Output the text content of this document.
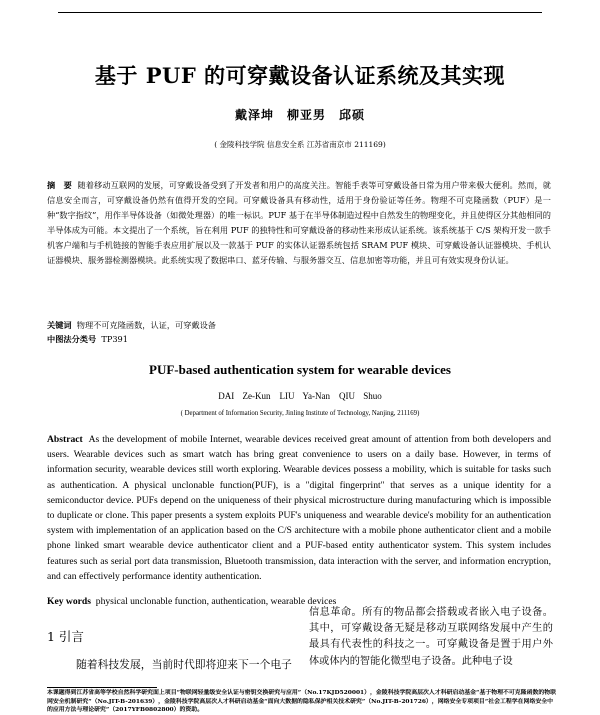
基于 PUF 的可穿戴设备认证系统及其实现
戴泽坤　柳亚男　邱硕
( 金陵科技学院 信息安全系 江苏省南京市 211169)
摘　要 随着移动互联网的发展，可穿戴设备受到了开发者和用户的高度关注。智能手表等可穿戴设备日常为用户带来极大便利。然而，就信息安全而言，可穿戴设备仍然有值得开发的空间。可穿戴设备具有移动性，适用于身份验证等任务。物理不可克隆函数（PUF）是一种“数字指纹”，用作半导体设备（如微处理器）的唯一标识。PUF 基于在半导体制造过程中自然发生的物理变化，并且使得区分其他相同的半导体成为可能。本文提出了一个系统，旨在利用 PUF 的独特性和可穿戴设备的移动性来形成认证系统。该系统基于 C/S 架构开发一款手机客户端和与手机链接的智能手表应用扩展以及一款基于 PUF 的实体认证器系统包括 SRAM PUF 模块、可穿戴设备认证器模块、手机认证器模块、服务器检测器模块。此系统实现了数据串口、蓝牙传输、与服务器交互、信息加密等功能，并且可有效实现身份认证。
关键词 物理不可克隆函数，认证，可穿戴设备
中图法分类号 TP391
PUF-based authentication system for wearable devices
DAI Ze-Kun　LIU Ya-Nan　QIU Shuo
( Department of Information Security, Jinling Institute of Technology, Nanjing, 211169)
Abstract As the development of mobile Internet, wearable devices received great amount of attention from both developers and users. Wearable devices such as smart watch has bring great convenience to users on a daily base. However, in terms of information security, wearable devices still worth exploring. Wearable devices possess a mobility, which is suitable for tasks such as authentication. A physical unclonable function(PUF), is a "digital fingerprint" that serves as a unique identity for a semiconductor device. PUFs depend on the uniqueness of their physical microstructure during manufacturing which is impossible to duplicate or clone. This paper presents a system exploits PUF's uniqueness and wearable device's mobility for an authentication system with implementation of an application based on the C/S architecture with a mobile phone authenticator client and a mobile phone linked smart wearable device authenticator client and a PUF-based entity authenticator system. This system includes features such as serial port data transmission, Bluetooth transmission, data interaction with the server, and information encryption, and can effectively performance identity authentication.
Key words physical unclonable function, authentication, wearable devices
1 引言
随着科技发展，当前时代即将迎来下一个电子
信息革命。所有的物品都会搭载或者嵌入电子设备。其中，可穿戴设备无疑是移动互联网络发展中产生的最具有代表性的科技之一。可穿戴设备是置于用户外体或体内的智能化微型电子设备。此种电子设
本课题得到江苏省高等学校自然科学研究面上项目“物联网轻量级安全认证与密钥交换研究与应用”（No.17KJD520001），金陵科技学院高层次人才科研启动基金“基于物理不可克隆函数的物联网安全机制研究”（No.JIT-B-201639），金陵科技学院高层次人才科研启动基金“面向大数据的隐私保护相关技术研究”（No.JIT-B-201726），网络安全专项项目“社会工程学在网络安全中的应用方法与理论研究”（2017YFB0802800）的资助。
